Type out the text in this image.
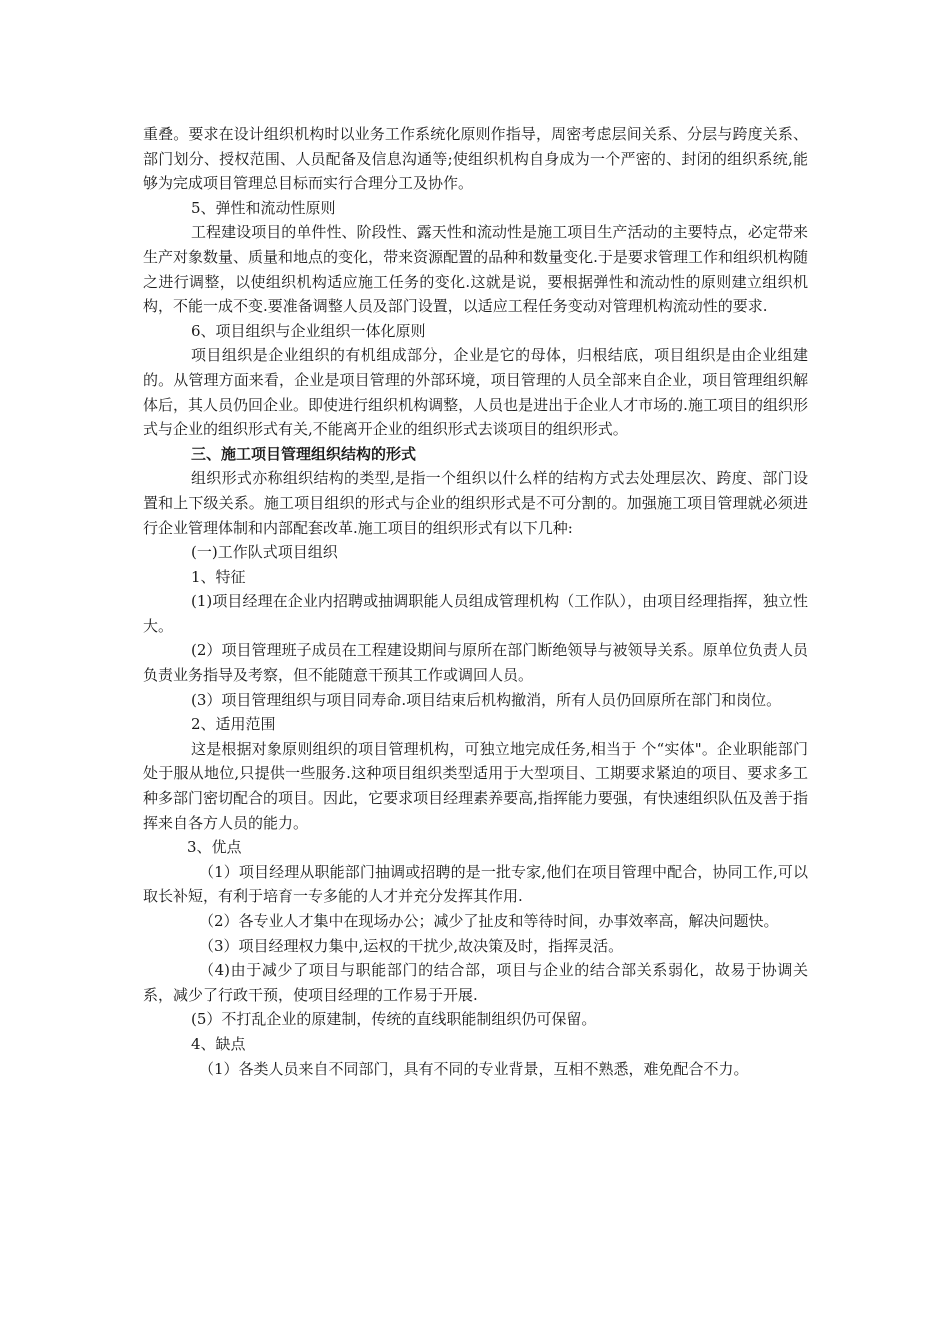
重叠。要求在设计组织机构时以业务工作系统化原则作指导，周密考虑层间关系、分层与跨度关系、部门划分、授权范围、人员配备及信息沟通等;使组织机构自身成为一个严密的、封闭的组织系统,能够为完成项目管理总目标而实行合理分工及协作。

5、弹性和流动性原则

工程建设项目的单件性、阶段性、露天性和流动性是施工项目生产活动的主要特点，必定带来生产对象数量、质量和地点的变化，带来资源配置的品种和数量变化.于是要求管理工作和组织机构随之进行调整，以使组织机构适应施工任务的变化.这就是说，要根据弹性和流动性的原则建立组织机构，不能一成不变.要准备调整人员及部门设置，以适应工程任务变动对管理机构流动性的要求.

6、项目组织与企业组织一体化原则

项目组织是企业组织的有机组成部分，企业是它的母体，归根结底，项目组织是由企业组建的。从管理方面来看，企业是项目管理的外部环境，项目管理的人员全部来自企业，项目管理组织解体后，其人员仍回企业。即使进行组织机构调整，人员也是进出于企业人才市场的.施工项目的组织形式与企业的组织形式有关,不能离开企业的组织形式去谈项目的组织形式。

三、施工项目管理组织结构的形式

组织形式亦称组织结构的类型,是指一个组织以什么样的结构方式去处理层次、跨度、部门设置和上下级关系。施工项目组织的形式与企业的组织形式是不可分割的。加强施工项目管理就必须进行企业管理体制和内部配套改革.施工项目的组织形式有以下几种:

(一)工作队式项目组织

1、特征

(1)项目经理在企业内招聘或抽调职能人员组成管理机构（工作队），由项目经理指挥，独立性大。

(2）项目管理班子成员在工程建设期间与原所在部门断绝领导与被领导关系。原单位负责人员负责业务指导及考察，但不能随意干预其工作或调回人员。

(3）项目管理组织与项目同寿命.项目结束后机构撤消，所有人员仍回原所在部门和岗位。

2、适用范围

这是根据对象原则组织的项目管理机构，可独立地完成任务,相当于 个“实体"。企业职能部门处于服从地位,只提供一些服务.这种项目组织类型适用于大型项目、工期要求紧迫的项目、要求多工种多部门密切配合的项目。因此，它要求项目经理素养要高,指挥能力要强，有快速组织队伍及善于指挥来自各方人员的能力。

3、优点

（1）项目经理从职能部门抽调或招聘的是一批专家,他们在项目管理中配合，协同工作,可以取长补短，有利于培育一专多能的人才并充分发挥其作用.

（2）各专业人才集中在现场办公；减少了扯皮和等待时间，办事效率高，解决问题快。

（3）项目经理权力集中,运权的干扰少,故决策及时，指挥灵活。

（4)由于减少了项目与职能部门的结合部，项目与企业的结合部关系弱化，故易于协调关系，减少了行政干预，使项目经理的工作易于开展.

(5）不打乱企业的原建制，传统的直线职能制组织仍可保留。

4、缺点

（1）各类人员来自不同部门，具有不同的专业背景，互相不熟悉，难免配合不力。
